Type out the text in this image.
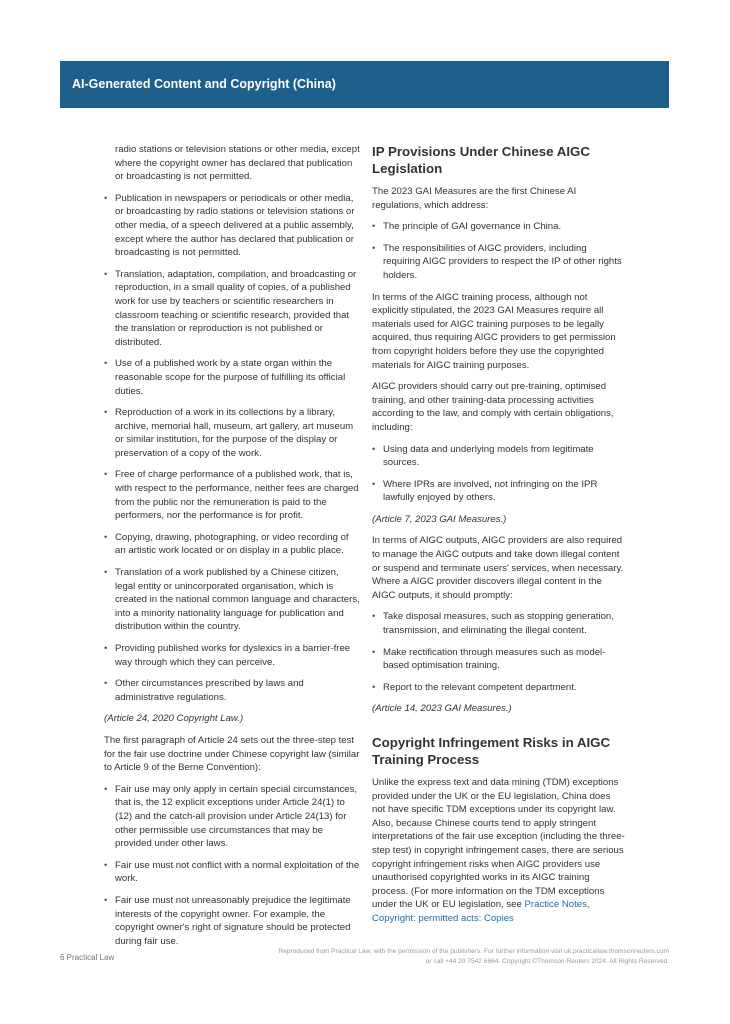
AI-Generated Content and Copyright (China)
radio stations or television stations or other media, except where the copyright owner has declared that publication or broadcasting is not permitted.
• Publication in newspapers or periodicals or other media, or broadcasting by radio stations or television stations or other media, of a speech delivered at a public assembly, except where the author has declared that publication or broadcasting is not permitted.
• Translation, adaptation, compilation, and broadcasting or reproduction, in a small quality of copies, of a published work for use by teachers or scientific researchers in classroom teaching or scientific research, provided that the translation or reproduction is not published or distributed.
• Use of a published work by a state organ within the reasonable scope for the purpose of fulfilling its official duties.
• Reproduction of a work in its collections by a library, archive, memorial hall, museum, art gallery, art museum or similar institution, for the purpose of the display or preservation of a copy of the work.
• Free of charge performance of a published work, that is, with respect to the performance, neither fees are charged from the public nor the remuneration is paid to the performers, nor the performance is for profit.
• Copying, drawing, photographing, or video recording of an artistic work located or on display in a public place.
• Translation of a work published by a Chinese citizen, legal entity or unincorporated organisation, which is created in the national common language and characters, into a minority nationality language for publication and distribution within the country.
• Providing published works for dyslexics in a barrier-free way through which they can perceive.
• Other circumstances prescribed by laws and administrative regulations.

(Article 24, 2020 Copyright Law.)

The first paragraph of Article 24 sets out the three-step test for the fair use doctrine under Chinese copyright law (similar to Article 9 of the Berne Convention):

• Fair use may only apply in certain special circumstances, that is, the 12 explicit exceptions under Article 24(1) to (12) and the catch-all provision under Article 24(13) for other permissible use circumstances that may be provided under other laws.
• Fair use must not conflict with a normal exploitation of the work.
• Fair use must not unreasonably prejudice the legitimate interests of the copyright owner. For example, the copyright owner's right of signature should be protected during fair use.
IP Provisions Under Chinese AIGC Legislation

The 2023 GAI Measures are the first Chinese AI regulations, which address:

• The principle of GAI governance in China.
• The responsibilities of AIGC providers, including requiring AIGC providers to respect the IP of other rights holders.

In terms of the AIGC training process, although not explicitly stipulated, the 2023 GAI Measures require all materials used for AIGC training purposes to be legally acquired, thus requiring AIGC providers to get permission from copyright holders before they use the copyrighted materials for AIGC training purposes.

AIGC providers should carry out pre-training, optimised training, and other training-data processing activities according to the law, and comply with certain obligations, including:

• Using data and underlying models from legitimate sources.
• Where IPRs are involved, not infringing on the IPR lawfully enjoyed by others.

(Article 7, 2023 GAI Measures.)

In terms of AIGC outputs, AIGC providers are also required to manage the AIGC outputs and take down illegal content or suspend and terminate users' services, when necessary. Where a AIGC provider discovers illegal content in the AIGC outputs, it should promptly:

• Take disposal measures, such as stopping generation, transmission, and eliminating the illegal content.
• Make rectification through measures such as model-based optimisation training.
• Report to the relevant competent department.

(Article 14, 2023 GAI Measures.)

Copyright Infringement Risks in AIGC Training Process

Unlike the express text and data mining (TDM) exceptions provided under the UK or the EU legislation, China does not have specific TDM exceptions under its copyright law. Also, because Chinese courts tend to apply stringent interpretations of the fair use exception (including the three-step test) in copyright infringement cases, there are serious copyright infringement risks when AIGC providers use unauthorised copyrighted works in its AIGC training process. (For more information on the TDM exceptions under the UK or EU legislation, see Practice Notes, Copyright: permitted acts: Copies

6 Practical Law
Reproduced from Practical Law, with the permission of the publishers. For further information visit uk.practicallaw.thomsonreuters.com
or call +44 20 7542 6664. Copyright ©Thomson Reuters 2024. All Rights Reserved.
